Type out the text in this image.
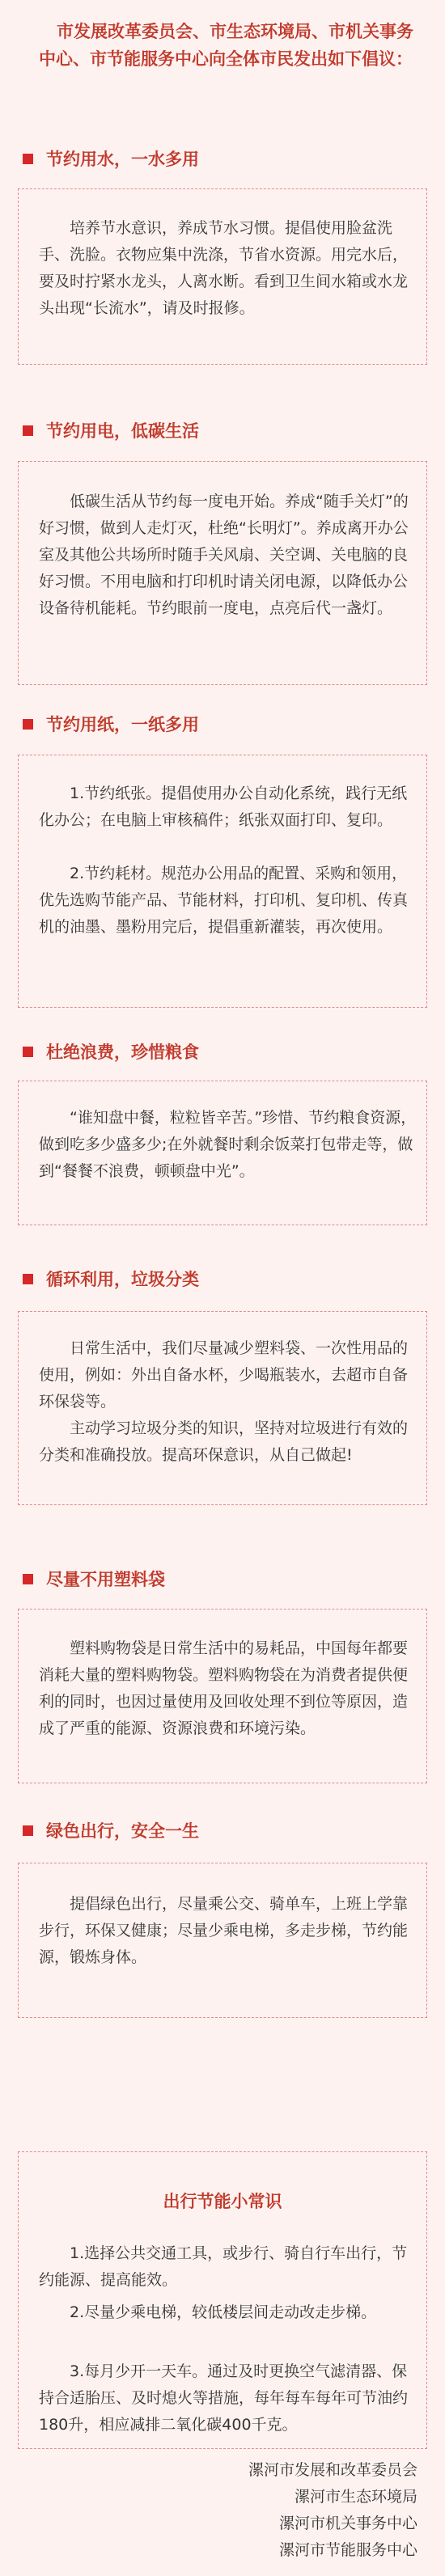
市发展改革委员会、市生态环境局、市机关事务中心、市节能服务中心向全体市民发出如下倡议：
节约用水，一水多用
培养节水意识，养成节水习惯。提倡使用脸盆洗手、洗脸。衣物应集中洗涤，节省水资源。用完水后，要及时拧紧水龙头，人离水断。看到卫生间水箱或水龙头出现“长流水”，请及时报修。
节约用电，低碳生活
低碳生活从节约每一度电开始。养成“随手关灯”的好习惯，做到人走灯灭，杜绝“长明灯”。养成离开办公室及其他公共场所时随手关风扇、关空调、关电脑的良好习惯。不用电脑和打印机时请关闭电源，以降低办公设备待机能耗。节约眼前一度电，点亮后代一盏灯。
节约用纸，一纸多用
1.节约纸张。提倡使用办公自动化系统，践行无纸化办公；在电脑上审核稿件；纸张双面打印、复印。
2.节约耗材。规范办公用品的配置、采购和领用，优先选购节能产品、节能材料，打印机、复印机、传真机的油墨、墨粉用完后，提倡重新灌装，再次使用。
杜绝浪费，珍惜粮食
“谁知盘中餐，粒粒皆辛苦。”珍惜、节约粮食资源，做到吃多少盛多少;在外就餐时剩余饭菜打包带走等，做到“餐餐不浪费，顿顿盘中光”。
循环利用，垃圾分类
日常生活中，我们尽量减少塑料袋、一次性用品的使用，例如：外出自备水杯，少喝瓶装水，去超市自备环保袋等。
主动学习垃圾分类的知识，坚持对垃圾进行有效的分类和准确投放。提高环保意识，从自己做起!
尽量不用塑料袋
塑料购物袋是日常生活中的易耗品，中国每年都要消耗大量的塑料购物袋。塑料购物袋在为消费者提供便利的同时，也因过量使用及回收处理不到位等原因，造成了严重的能源、资源浪费和环境污染。
绿色出行，安全一生
提倡绿色出行，尽量乘公交、骑单车，上班上学靠步行，环保又健康；尽量少乘电梯，多走步梯，节约能源，锻炼身体。
出行节能小常识
1.选择公共交通工具，或步行、骑自行车出行，节约能源、提高能效。
2.尽量少乘电梯，较低楼层间走动改走步梯。
3.每月少开一天车。通过及时更换空气滤清器、保持合适胎压、及时熄火等措施，每年每车每年可节油约180升，相应减排二氧化碳400千克。
漯河市发展和改革委员会
漯河市生态环境局
漯河市机关事务中心
漯河市节能服务中心
